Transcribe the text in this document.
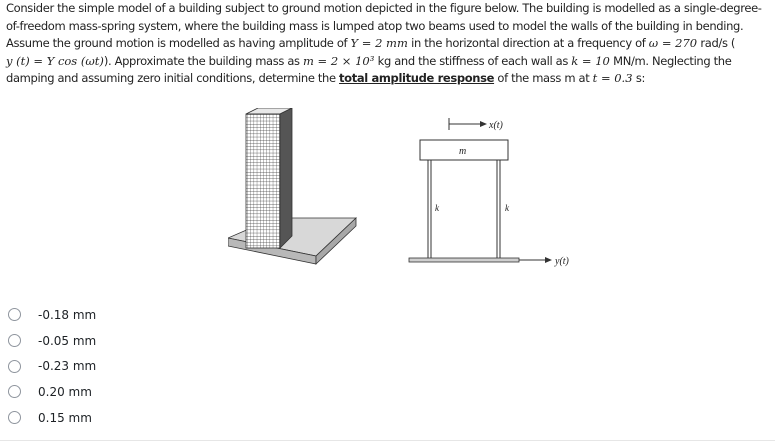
Consider the simple model of a building subject to ground motion depicted in the figure below. The building is modelled as a single-degree-

of-freedom mass-spring system, where the building mass is lumped atop two beams used to model the walls of the building in bending.

Assume the ground motion is modelled as having amplitude of Y = 2 mm in the horizontal direction at a frequency of ω = 270 rad/s (

y (t) = Y cos (ωt)). Approximate the building mass as m = 2 × 10³ kg and the stiffness of each wall as k = 10 MN/m. Neglecting the

damping and assuming zero initial conditions, determine the total amplitude response of the mass m at t = 0.3 s:

x(t)
m
k	k
y(t)
-0.18 mm
-0.05 mm
-0.23 mm
0.20 mm
0.15 mm
